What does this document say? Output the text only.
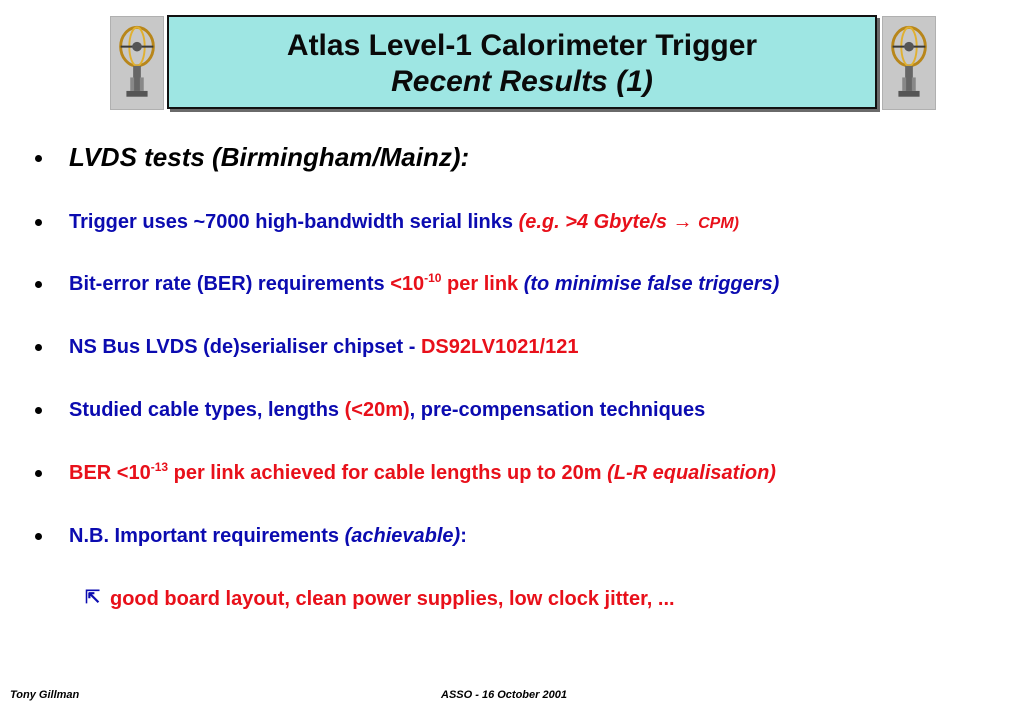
Atlas Level-1 Calorimeter Trigger
Recent Results (1)
LVDS tests (Birmingham/Mainz):
Trigger uses ~7000 high-bandwidth serial links (e.g. >4 Gbyte/s → CPM)
Bit-error rate (BER) requirements $<10^{-10}$ per link (to minimise false triggers)
NS Bus LVDS (de)serialiser chipset - DS92LV1021/121
Studied cable types, lengths (<20m), pre-compensation techniques
BER $<10^{-13}$ per link achieved for cable lengths up to 20m (L-R equalisation)
N.B. Important requirements (achievable):
⇱ good board layout, clean power supplies, low clock jitter, ...
Tony Gillman	ASSO - 16 October 2001
